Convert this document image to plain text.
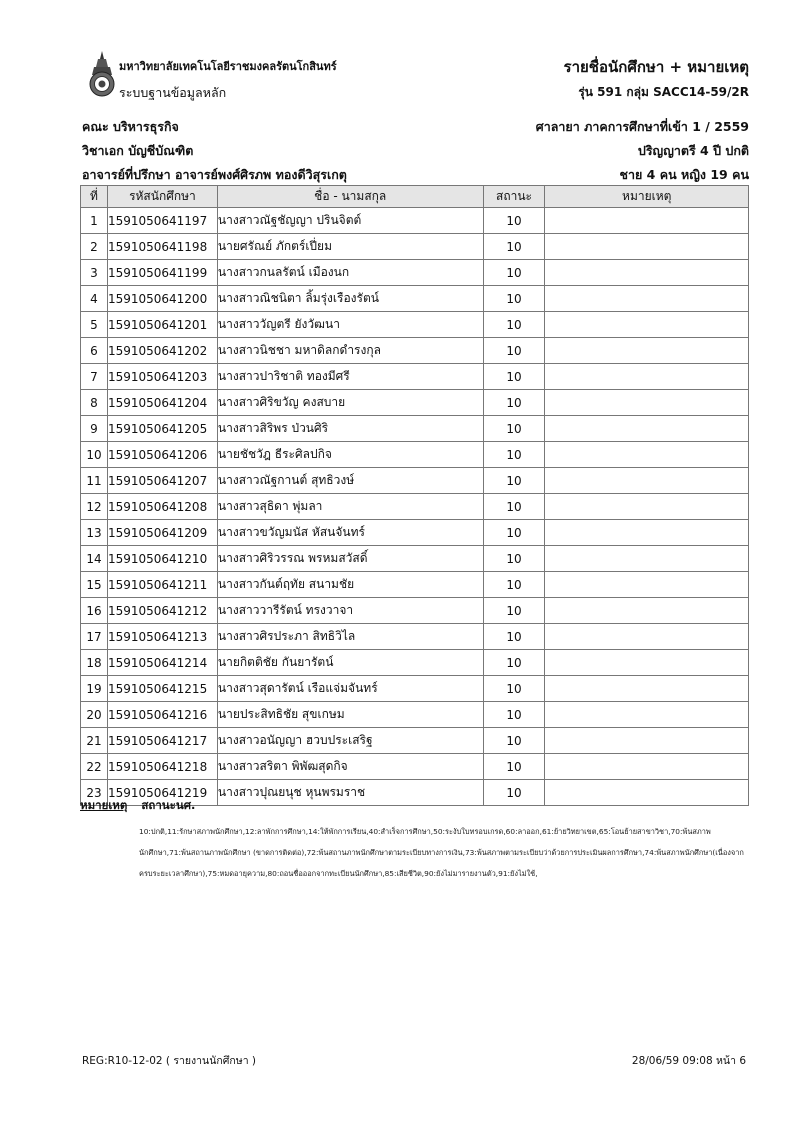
มหาวิทยาลัยเทคโนโลยีราชมงคลรัตนโกสินทร์
ระบบฐานข้อมูลหลัก
รายชื่อนักศึกษา + หมายเหตุ
รุ่น 591 กลุ่ม SACC14-59/2R
คณะ บริหารธุรกิจ
วิชาเอก บัญชีบัณฑิต
อาจารย์ที่ปรึกษา อาจารย์พงศ์ศิรภพ ทองดีวิสุรเกตุ
ศาลายา ภาคการศึกษาที่เข้า 1 / 2559
ปริญญาตรี 4 ปี ปกติ
ชาย 4 คน หญิง 19 คน
ที่	รหัสนักศึกษา	ชื่อ - นามสกุล	สถานะ	หมายเหตุ
1	1591050641197	นางสาวณัฐชัญญา ปรินจิตต์	10	
2	1591050641198	นายศรัณย์ ภักตร์เปี่ยม	10	
3	1591050641199	นางสาวกนลรัตน์ เมืองนก	10	
4	1591050641200	นางสาวณิชนิตา ลิ้มรุ่งเรืองรัตน์	10	
5	1591050641201	นางสาววัญตรี ยังวัฒนา	10	
6	1591050641202	นางสาวนิชชา มหาดิลกดำรงกุล	10	
7	1591050641203	นางสาวปาริชาติ ทองมีศรี	10	
8	1591050641204	นางสาวศิริขวัญ คงสบาย	10	
9	1591050641205	นางสาวสิริพร ป่วนศิริ	10	
10	1591050641206	นายชัชวัฎ ธีระศิลปกิจ	10	
11	1591050641207	นางสาวณัฐกานต์ สุทธิวงษ์	10	
12	1591050641208	นางสาวสุธิดา พุ่มลา	10	
13	1591050641209	นางสาวขวัญมนัส หัสนจันทร์	10	
14	1591050641210	นางสาวศิริวรรณ พรหมสวัสดิ์	10	
15	1591050641211	นางสาวกันต์ฤทัย สนามชัย	10	
16	1591050641212	นางสาววารีรัตน์ ทรงวาจา	10	
17	1591050641213	นางสาวศิรประภา สิทธิวิไล	10	
18	1591050641214	นายกิตติชัย กันยารัตน์	10	
19	1591050641215	นางสาวสุดารัตน์ เรือแจ่มจันทร์	10	
20	1591050641216	นายประสิทธิชัย สุขเกษม	10	
21	1591050641217	นางสาวอนัญญา ฮวบประเสริฐ	10	
22	1591050641218	นางสาวสริตา พิพัฒสุดกิจ	10	
23	1591050641219	นางสาวปุณยนุช หุนพรมราช	10	
หมายเหตุ สถานะนศ.
10:ปกติ,11:รักษาสภาพนักศึกษา,12:ลาพักการศึกษา,14:ให้พักการเรียน,40:สำเร็จการศึกษา,50:ระงับใบทรอบเกรด,60:ลาออก,61:ย้ายวิทยาเขต,65:โอนย้ายสาขาวิชา,70:พ้นสภาพนักศึกษา,71:พ้นสถานภาพนักศึกษา (ขาดการติดต่อ),72:พ้นสถานภาพนักศึกษาตามระเบียบทางการเงิน,73:พ้นสภาพตามระเบียบว่าด้วยการประเมินผลการศึกษา,74:พ้นสภาพนักศึกษา(เนื่องจากครบระยะเวลาศึกษา),75:หมดอายุความ,80:ถอนชื่อออกจากทะเบียนนักศึกษา,85:เสียชีวิต,90:ยังไม่มารายงานตัว,91:ยังไม่ใช้,
REG:R10-12-02 ( รายงานนักศึกษา )	28/06/59 09:08 หน้า 6
